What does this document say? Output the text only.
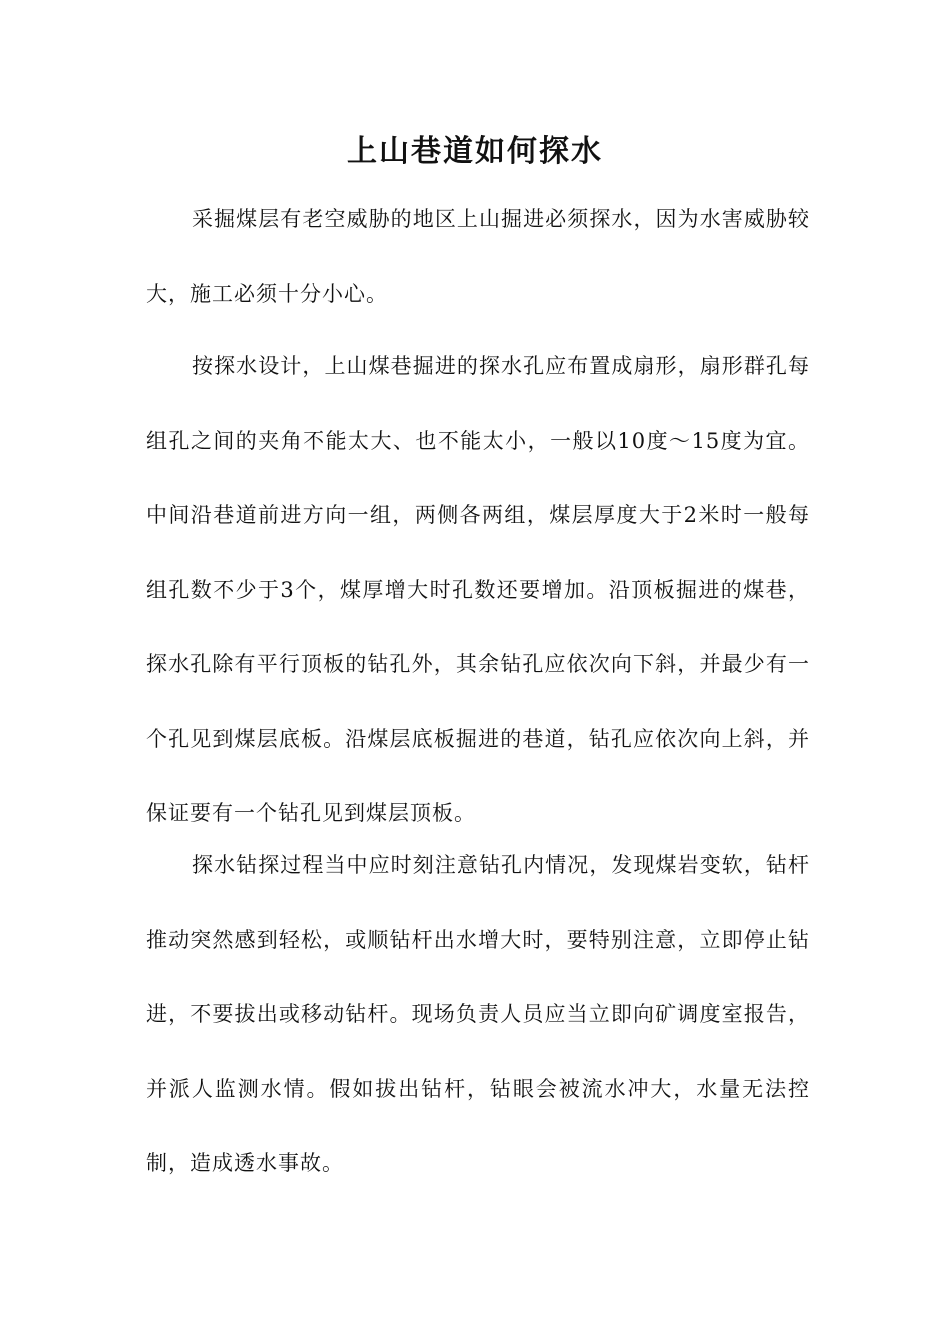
上山巷道如何探水

采掘煤层有老空威胁的地区上山掘进必须探水，因为水害威胁较大，施工必须十分小心。

按探水设计，上山煤巷掘进的探水孔应布置成扇形，扇形群孔每组孔之间的夹角不能太大、也不能太小，一般以10度～15度为宜。中间沿巷道前进方向一组，两侧各两组，煤层厚度大于2米时一般每组孔数不少于3个，煤厚增大时孔数还要增加。沿顶板掘进的煤巷，探水孔除有平行顶板的钻孔外，其余钻孔应依次向下斜，并最少有一个孔见到煤层底板。沿煤层底板掘进的巷道，钻孔应依次向上斜，并保证要有一个钻孔见到煤层顶板。

探水钻探过程当中应时刻注意钻孔内情况，发现煤岩变软，钻杆推动突然感到轻松，或顺钻杆出水增大时，要特别注意，立即停止钻进，不要拔出或移动钻杆。现场负责人员应当立即向矿调度室报告，并派人监测水情。假如拔出钻杆，钻眼会被流水冲大，水量无法控制，造成透水事故。
